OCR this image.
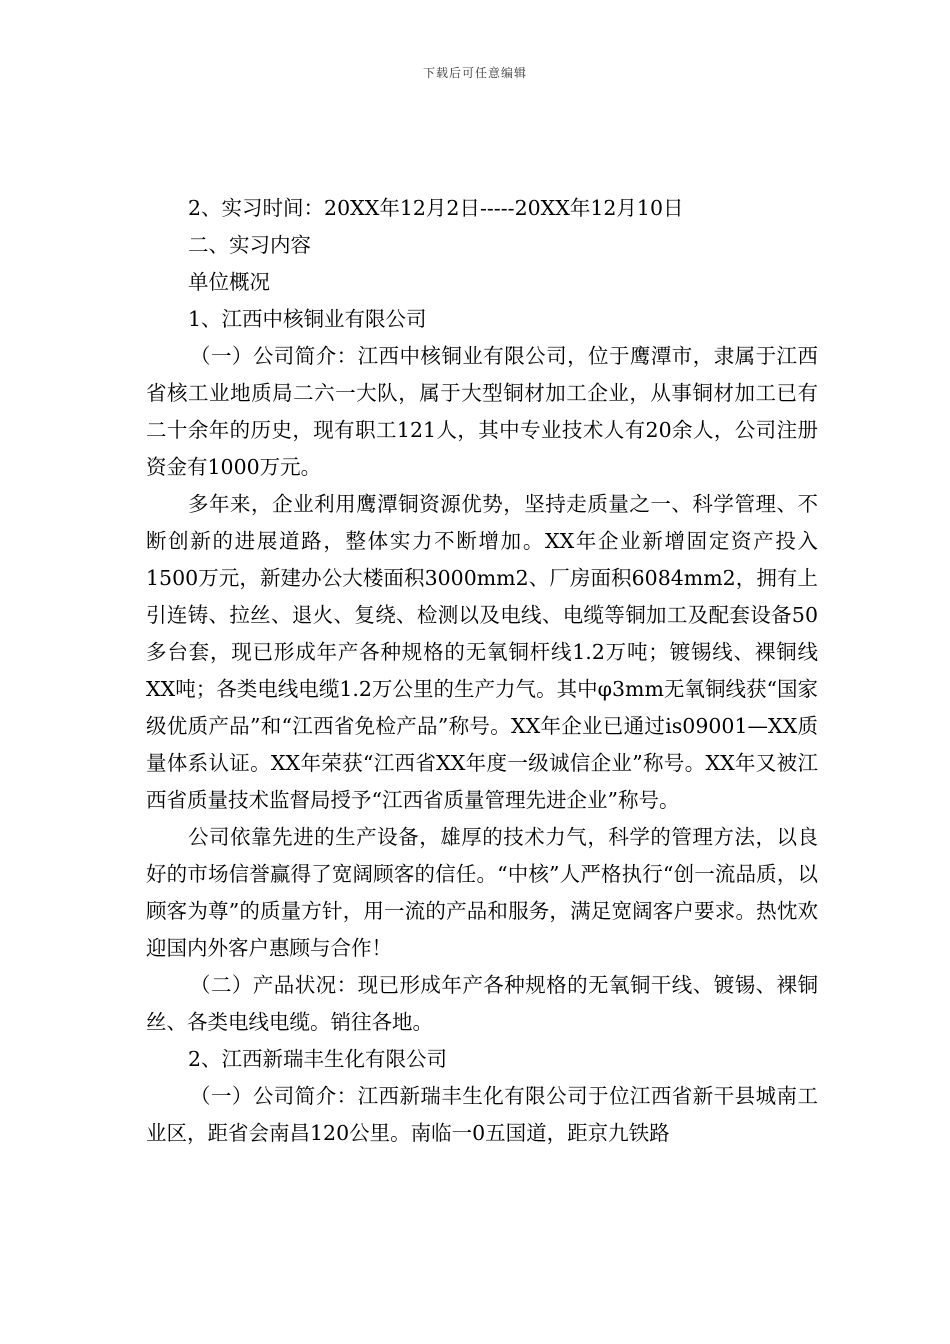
下载后可任意编辑

2、实习时间：20XX年12月2日-----20XX年12月10日

二、实习内容

单位概况

1、江西中核铜业有限公司

（一）公司简介：江西中核铜业有限公司，位于鹰潭市，隶属于江西省核工业地质局二六一大队，属于大型铜材加工企业，从事铜材加工已有二十余年的历史，现有职工121人，其中专业技术人有20余人，公司注册资金有1000万元。

多年来，企业利用鹰潭铜资源优势，坚持走质量之一、科学管理、不断创新的进展道路，整体实力不断增加。XX年企业新增固定资产投入1500万元，新建办公大楼面积3000mm2、厂房面积6084mm2，拥有上引连铸、拉丝、退火、复绕、检测以及电线、电缆等铜加工及配套设备50多台套，现已形成年产各种规格的无氧铜杆线1.2万吨；镀锡线、裸铜线XX吨；各类电线电缆1.2万公里的生产力气。其中φ3mm无氧铜线获“国家级优质产品”和“江西省免检产品”称号。XX年企业已通过is09001—XX质量体系认证。XX年荣获“江西省XX年度一级诚信企业”称号。XX年又被江西省质量技术监督局授予“江西省质量管理先进企业”称号。

公司依靠先进的生产设备，雄厚的技术力气，科学的管理方法，以良好的市场信誉赢得了宽阔顾客的信任。“中核”人严格执行“创一流品质，以顾客为尊”的质量方针，用一流的产品和服务，满足宽阔客户要求。热忱欢迎国内外客户惠顾与合作！

（二）产品状况：现已形成年产各种规格的无氧铜干线、镀锡、裸铜丝、各类电线电缆。销往各地。

2、江西新瑞丰生化有限公司

（一）公司简介：江西新瑞丰生化有限公司于位江西省新干县城南工业区，距省会南昌120公里。南临一0五国道，距京九铁路
